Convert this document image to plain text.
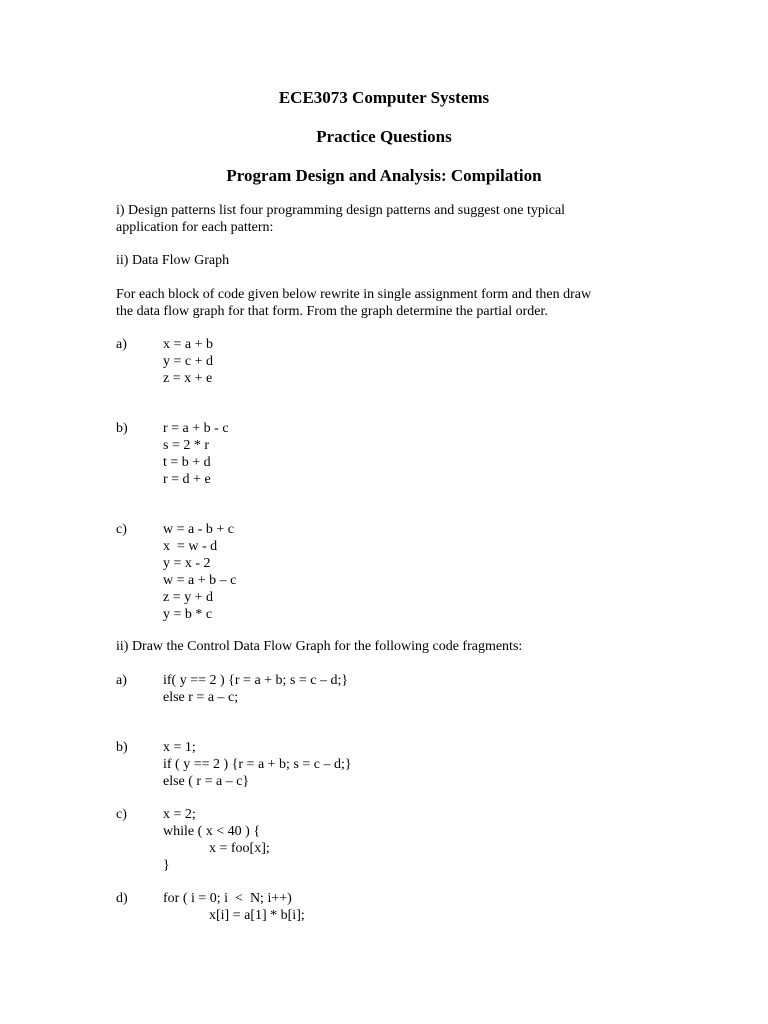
ECE3073 Computer Systems
Practice Questions
Program Design and Analysis: Compilation

i) Design patterns list four programming design patterns and suggest one typical

application for each pattern:

ii) Data Flow Graph

For each block of code given below rewrite in single assignment form and then draw

the data flow graph for that form. From the graph determine the partial order.

a)	x = a + b
y = c + d
z = x + e
b)	r = a + b - c
s = 2 * r
t = b + d
r = d + e
c)	w = a - b + c
x  = w - d
y = x - 2
w = a + b – c
z = y + d
y = b * c

ii) Draw the Control Data Flow Graph for the following code fragments:

a)	if( y == 2 ) {r = a + b; s = c – d;}
else r = a – c;
b)	x = 1;
if ( y == 2 ) {r = a + b; s = c – d;}
else ( r = a – c}
c)	x = 2;
while ( x < 40 ) {
x = foo[x];
}
d)	for ( i = 0; i  <  N; i++)
x[i] = a[1] * b[i];
